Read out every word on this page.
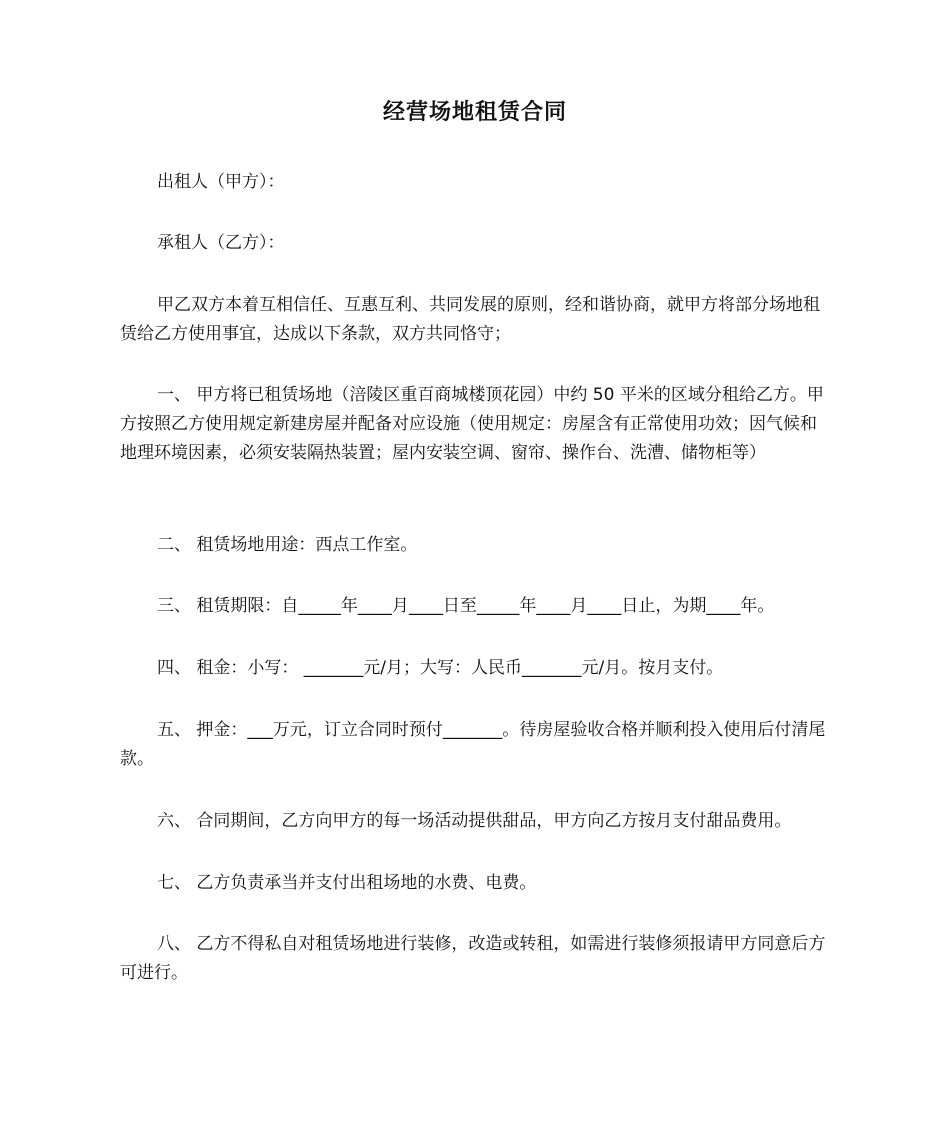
经营场地租赁合同

出租人（甲方）：

承租人（乙方）：

甲乙双方本着互相信任、互惠互利、共同发展的原则，经和谐协商，就甲方将部分场地租赁给乙方使用事宜，达成以下条款，双方共同恪守；

一、 甲方将已租赁场地（涪陵区重百商城楼顶花园）中约 50 平米的区域分租给乙方。甲方按照乙方使用规定新建房屋并配备对应设施（使用规定：房屋含有正常使用功效；因气候和地理环境因素，必须安装隔热装置；屋内安装空调、窗帘、操作台、洗漕、储物柜等）

二、 租赁场地用途：西点工作室。

三、 租赁期限：自_____年____月____日至_____年____月____日止，为期____年。

四、 租金：小写： _______元/月；大写：人民币_______元/月。按月支付。

五、 押金：___万元，订立合同时预付_______。待房屋验收合格并顺利投入使用后付清尾款。

六、 合同期间，乙方向甲方的每一场活动提供甜品，甲方向乙方按月支付甜品费用。

七、 乙方负责承当并支付出租场地的水费、电费。

八、 乙方不得私自对租赁场地进行装修，改造或转租，如需进行装修须报请甲方同意后方可进行。
